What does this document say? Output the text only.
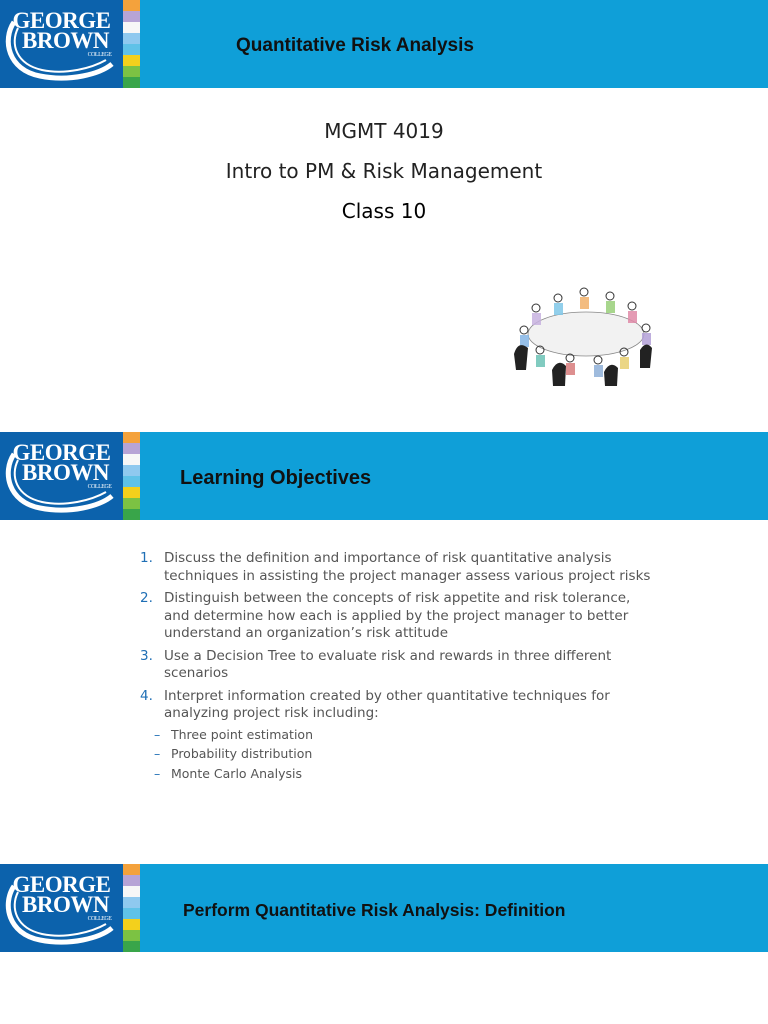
GEORGE
BROWN
COLLEGE	Quantitative Risk Analysis
MGMT 4019
Intro to PM & Risk Management
Class 10
GEORGE
BROWN
COLLEGE	Learning Objectives
1. Discuss the definition and importance of risk quantitative analysis techniques in assisting the project manager assess various project risks
2. Distinguish between the concepts of risk appetite and risk tolerance, and determine how each is applied by the project manager to better understand an organization’s risk attitude
3. Use a Decision Tree to evaluate risk and rewards in three different scenarios
4. Interpret information created by other quantitative techniques for analyzing project risk including:
– Three point estimation
– Probability distribution
– Monte Carlo Analysis
GEORGE
BROWN
COLLEGE	Perform Quantitative Risk Analysis: Definition
